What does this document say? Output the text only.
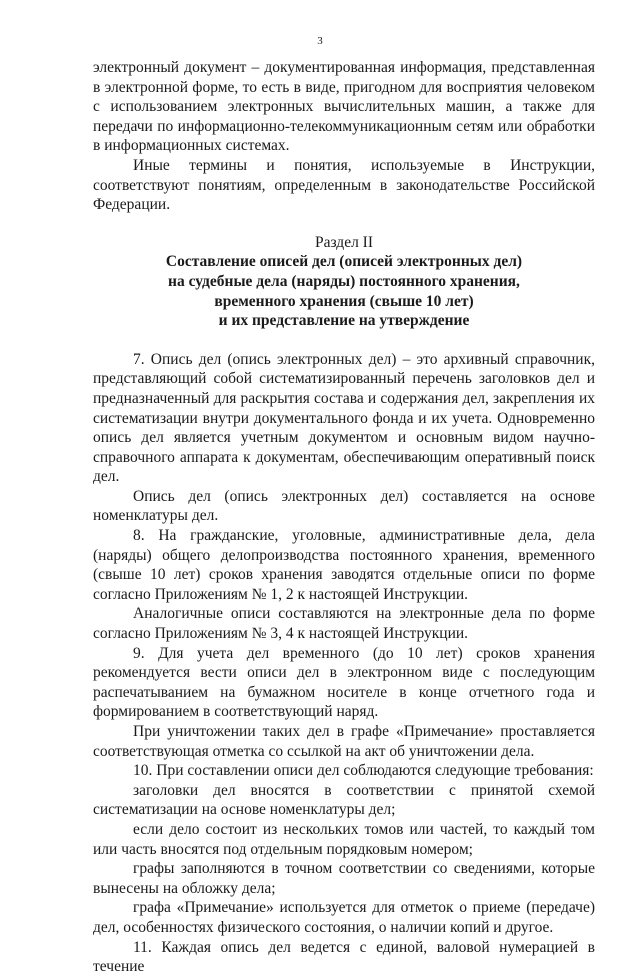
3

электронный документ – документированная информация, представленная в электронной форме, то есть в виде, пригодном для восприятия человеком с использованием электронных вычислительных машин, а также для передачи по информационно-телекоммуникационным сетям или обработки в информационных системах.

Иные термины и понятия, используемые в Инструкции, соответствуют понятиям, определенным в законодательстве Российской Федерации.

Раздел II

Составление описей дел (описей электронных дел)
на судебные дела (наряды) постоянного хранения,
временного хранения (свыше 10 лет)
и их представление на утверждение

7. Опись дел (опись электронных дел) – это архивный справочник, представляющий собой систематизированный перечень заголовков дел и предназначенный для раскрытия состава и содержания дел, закрепления их систематизации внутри документального фонда и их учета. Одновременно опись дел является учетным документом и основным видом научно-справочного аппарата к документам, обеспечивающим оперативный поиск дел.

Опись дел (опись электронных дел) составляется на основе номенклатуры дел.

8. На гражданские, уголовные, административные дела, дела (наряды) общего делопроизводства постоянного хранения, временного (свыше 10 лет) сроков хранения заводятся отдельные описи по форме согласно Приложениям № 1, 2 к настоящей Инструкции.

Аналогичные описи составляются на электронные дела по форме согласно Приложениям № 3, 4 к настоящей Инструкции.

9. Для учета дел временного (до 10 лет) сроков хранения рекомендуется вести описи дел в электронном виде с последующим распечатыванием на бумажном носителе в конце отчетного года и формированием в соответствующий наряд.

При уничтожении таких дел в графе «Примечание» проставляется соответствующая отметка со ссылкой на акт об уничтожении дела.

10. При составлении описи дел соблюдаются следующие требования:

заголовки дел вносятся в соответствии с принятой схемой систематизации на основе номенклатуры дел;

если дело состоит из нескольких томов или частей, то каждый том или часть вносятся под отдельным порядковым номером;

графы заполняются в точном соответствии со сведениями, которые вынесены на обложку дела;

графа «Примечание» используется для отметок о приеме (передаче) дел, особенностях физического состояния, о наличии копий и другое.

11. Каждая опись дел ведется с единой, валовой нумерацией в течение
